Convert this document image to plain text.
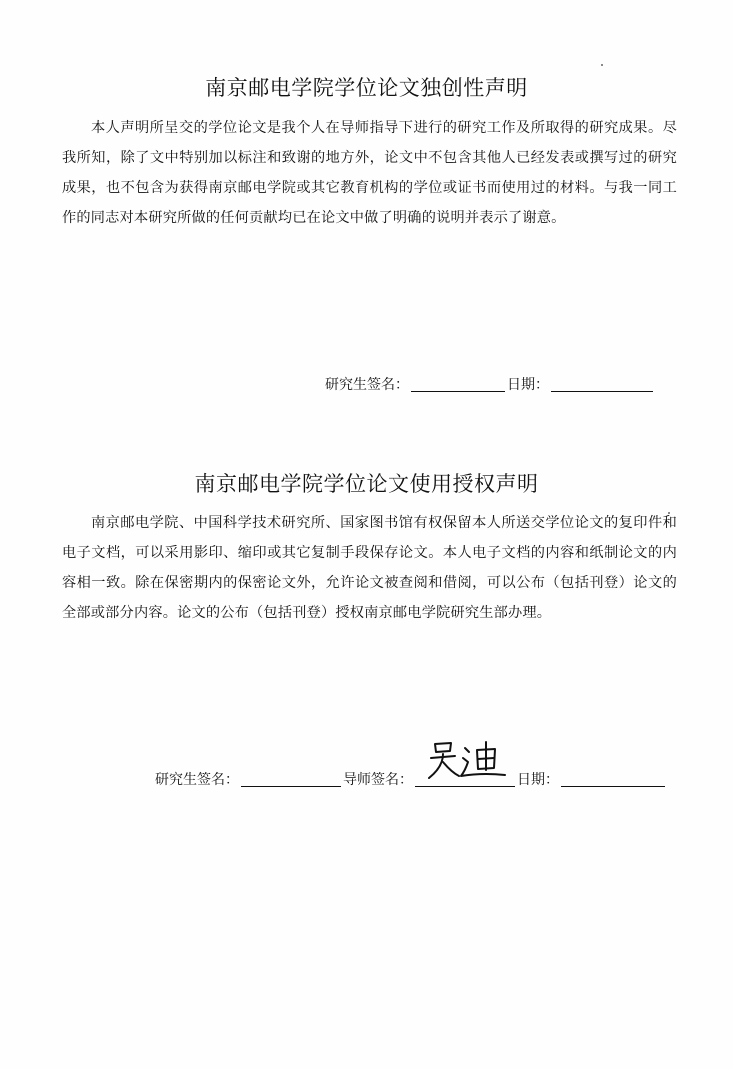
南京邮电学院学位论文独创性声明

本人声明所呈交的学位论文是我个人在导师指导下进行的研究工作及所取得的研究成果。尽我所知，除了文中特别加以标注和致谢的地方外，论文中不包含其他人已经发表或撰写过的研究成果，也不包含为获得南京邮电学院或其它教育机构的学位或证书而使用过的材料。与我一同工作的同志对本研究所做的任何贡献均已在论文中做了明确的说明并表示了谢意。

研究生签名：	日期：
南京邮电学院学位论文使用授权声明

南京邮电学院、中国科学技术研究所、国家图书馆有权保留本人所送交学位论文的复印件和电子文档，可以采用影印、缩印或其它复制手段保存论文。本人电子文档的内容和纸制论文的内容相一致。除在保密期内的保密论文外，允许论文被查阅和借阅，可以公布（包括刊登）论文的全部或部分内容。论文的公布（包括刊登）授权南京邮电学院研究生部办理。

研究生签名：	导师签名：	日期：
